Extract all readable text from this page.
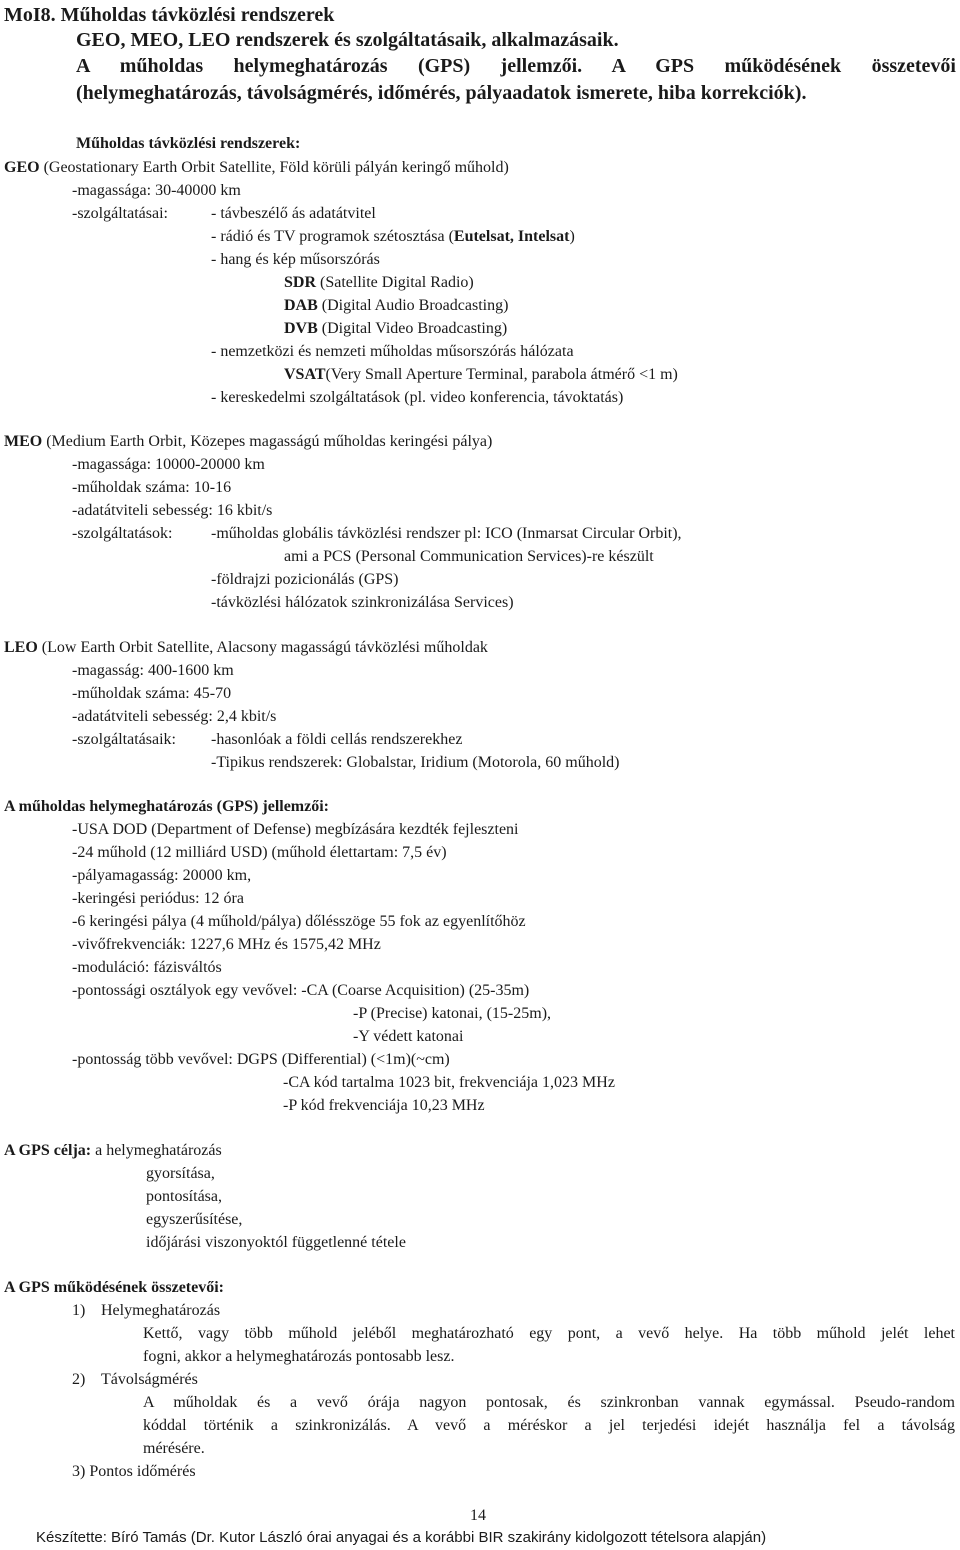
MoI8. Műholdas távközlési rendszerek
GEO, MEO, LEO rendszerek és szolgáltatásaik, alkalmazásaik.
A műholdas helymeghatározás (GPS) jellemzői. A GPS működésének összetevői
(helymeghatározás, távolságmérés, időmérés, pályaadatok ismerete, hiba korrekciók).
Műholdas távközlési rendszerek:
GEO (Geostationary Earth Orbit Satellite, Föld körüli pályán keringő műhold)
-magassága: 30-40000 km
-szolgáltatásai:	- távbeszélő ás adatátvitel
- rádió és TV programok szétosztása (Eutelsat, Intelsat)
- hang és kép műsorszórás
SDR (Satellite Digital Radio)
DAB (Digital Audio Broadcasting)
DVB (Digital Video Broadcasting)
- nemzetközi és nemzeti műholdas műsorszórás hálózata
VSAT(Very Small Aperture Terminal, parabola átmérő <1 m)
- kereskedelmi szolgáltatások (pl. video konferencia, távoktatás)
MEO (Medium Earth Orbit, Közepes magasságú műholdas keringési pálya)
-magassága: 10000-20000 km
-műholdak száma: 10-16
-adatátviteli sebesség: 16 kbit/s
-szolgáltatások: -műholdas globális távközlési rendszer pl: ICO (Inmarsat Circular Orbit),
ami a PCS (Personal Communication Services)-re készült
-földrajzi pozicionálás (GPS)
-távközlési hálózatok szinkronizálása Services)
LEO (Low Earth Orbit Satellite, Alacsony magasságú távközlési műholdak
-magasság: 400-1600 km
-műholdak száma: 45-70
-adatátviteli sebesség: 2,4 kbit/s
-szolgáltatásaik: -hasonlóak a földi cellás rendszerekhez
-Tipikus rendszerek: Globalstar, Iridium (Motorola, 60 műhold)
A műholdas helymeghatározás (GPS) jellemzői:
-USA DOD (Department of Defense) megbízására kezdték fejleszteni
-24 műhold (12 milliárd USD) (műhold élettartam: 7,5 év)
-pályamagasság: 20000 km,
-keringési periódus: 12 óra
-6 keringési pálya (4 műhold/pálya) dőlésszöge 55 fok az egyenlítőhöz
-vivőfrekvenciák: 1227,6 MHz és 1575,42 MHz
-moduláció: fázisváltós
-pontossági osztályok egy vevővel: -CA (Coarse Acquisition) (25-35m)
-P (Precise) katonai, (15-25m),
-Y védett katonai
-pontosság több vevővel: DGPS (Differential) (<1m)(~cm)
-CA kód tartalma 1023 bit, frekvenciája 1,023 MHz
-P kód frekvenciája 10,23 MHz
A GPS célja: a helymeghatározás
gyorsítása,
pontosítása,
egyszerűsítése,
időjárási viszonyoktól függetlenné tétele
A GPS működésének összetevői:
1) Helymeghatározás
Kettő, vagy több műhold jeléből meghatározható egy pont, a vevő helye. Ha több műhold jelét lehet
fogni, akkor a helymeghatározás pontosabb lesz.
2) Távolságmérés
A műholdak és a vevő órája nagyon pontosak, és szinkronban vannak egymással. Pseudo-random
kóddal történik a szinkronizálás. A vevő a méréskor a jel terjedési idejét használja fel a távolság
mérésére.
3) Pontos időmérés
14
Készítette: Bíró Tamás (Dr. Kutor László órai anyagai és a korábbi BIR szakirány kidolgozott tételsora alapján)
